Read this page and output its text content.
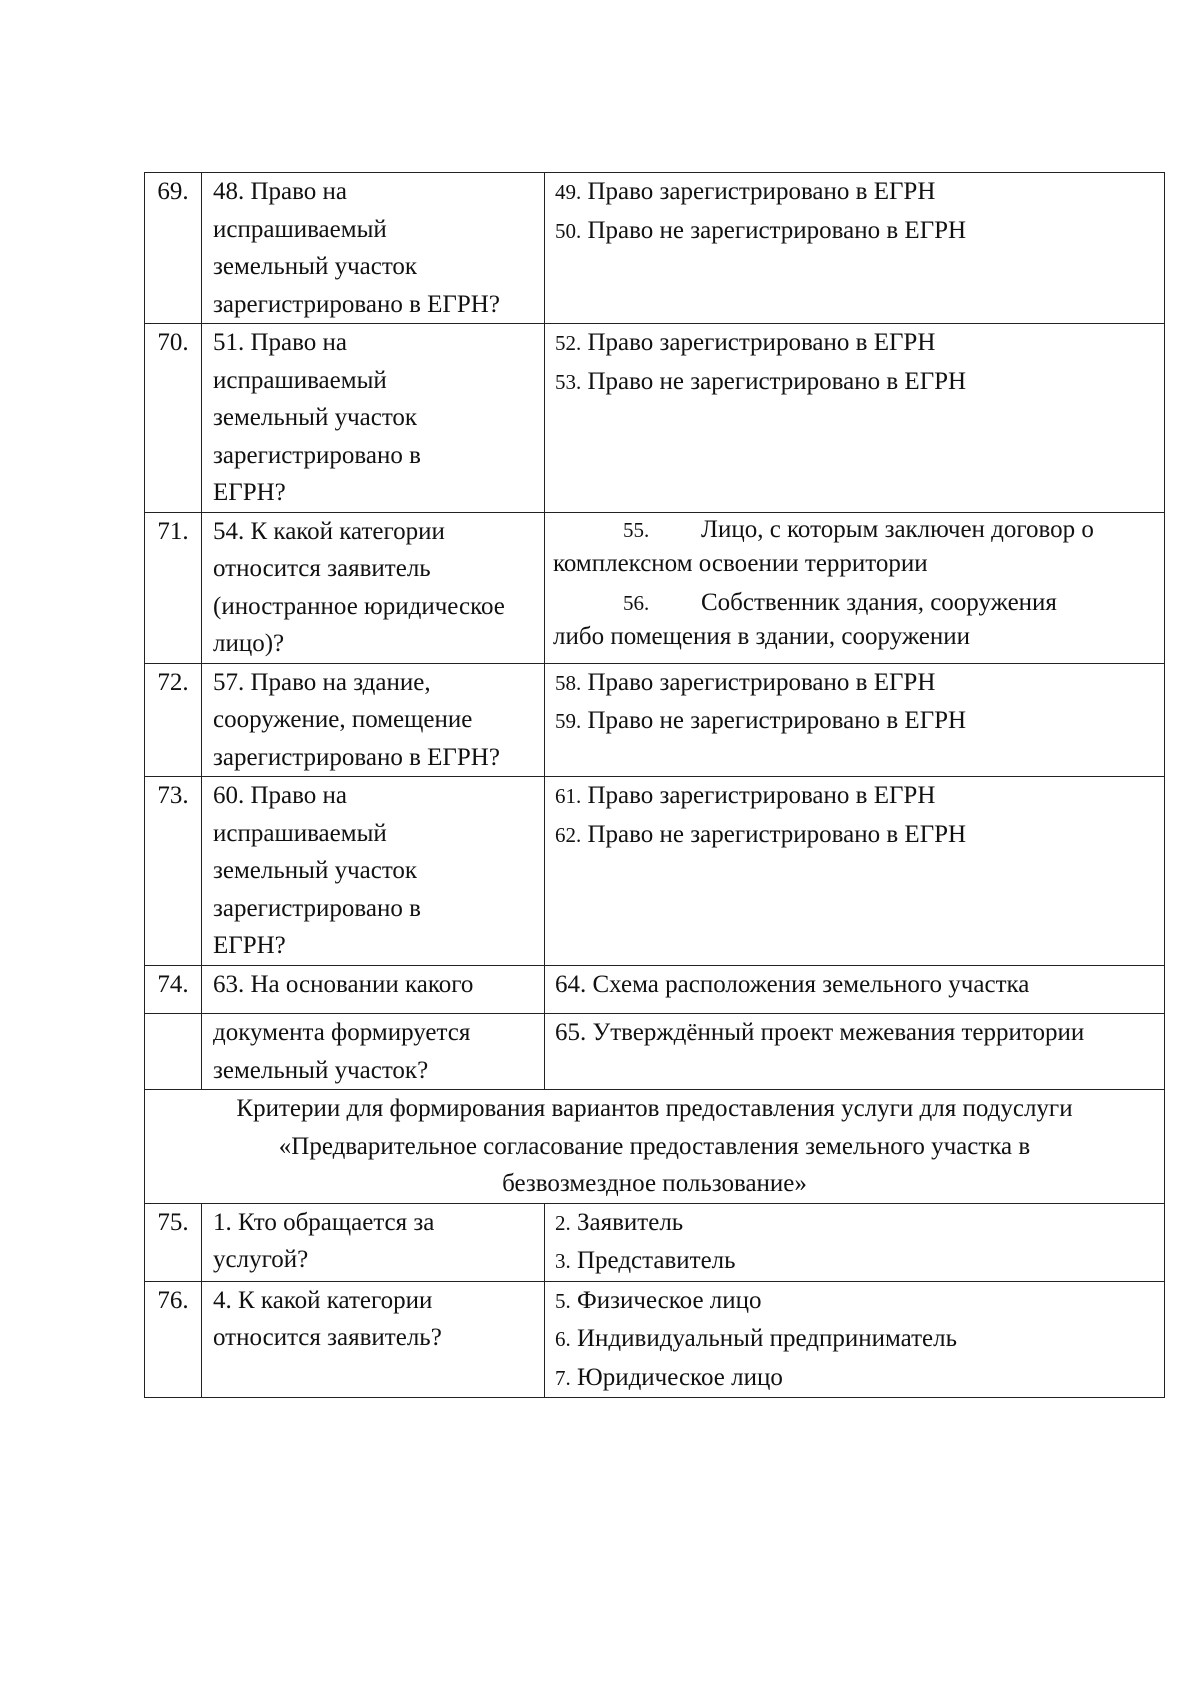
69.	48. Право на
испрашиваемый
земельный участок
зарегистрировано в ЕГРН?	49. Право зарегистрировано в ЕГРН
50. Право не зарегистрировано в ЕГРН

70.	51. Право на
испрашиваемый
земельный участок
зарегистрировано в
ЕГРН?	52. Право зарегистрировано в ЕГРН
53. Право не зарегистрировано в ЕГРН

71.	54. К какой категории
относится заявитель
(иностранное юридическое
лицо)?	55. Лицо, с которым заключен договор о
комплексном освоении территории
56. Собственник здания, сооружения
либо помещения в здании, сооружении

72.	57. Право на здание,
сооружение, помещение
зарегистрировано в ЕГРН?	58. Право зарегистрировано в ЕГРН
59. Право не зарегистрировано в ЕГРН

73.	60. Право на
испрашиваемый
земельный участок
зарегистрировано в
ЕГРН?	61. Право зарегистрировано в ЕГРН
62. Право не зарегистрировано в ЕГРН

74.	63. На основании какого	64. Схема расположения земельного участка

	документа формируется
земельный участок?	65. Утверждённый проект межевания территории

Критерии для формирования вариантов предоставления услуги для подуслуги
«Предварительное согласование предоставления земельного участка в
безвозмездное пользование»		

75.	1. Кто обращается за
услугой?	2. Заявитель
3. Представитель

76.	4. К какой категории
относится заявитель?	5. Физическое лицо
6. Индивидуальный предприниматель
7. Юридическое лицо
